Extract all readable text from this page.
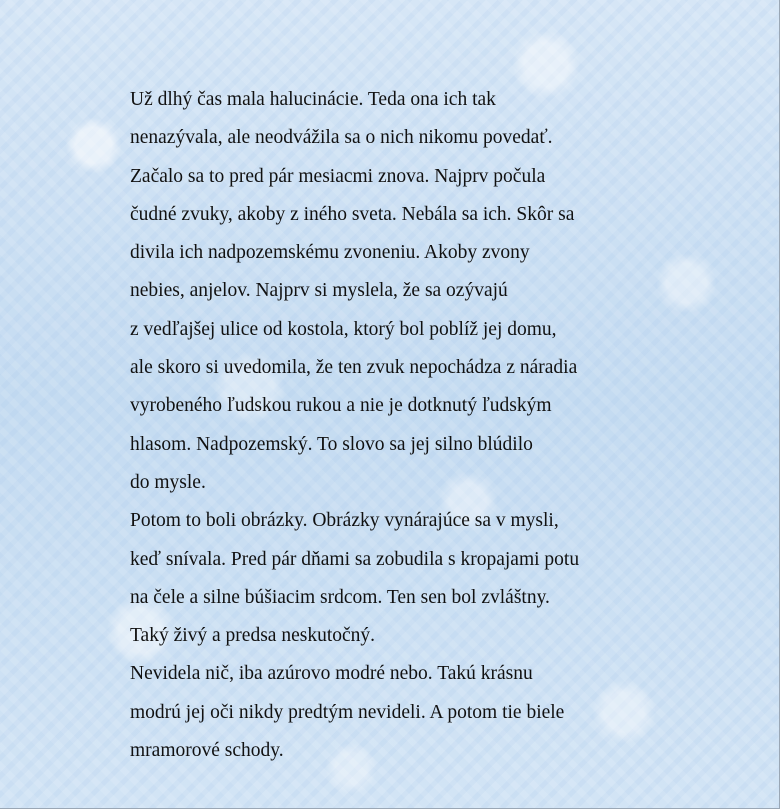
Už dlhý čas mala halucinácie. Teda ona ich tak
nenazývala, ale neodvážila sa o nich nikomu povedať.
Začalo sa to pred pár mesiacmi znova. Najprv počula
čudné zvuky, akoby z iného sveta. Nebála sa ich. Skôr sa
divila ich nadpozemskému zvoneniu. Akoby zvony
nebies, anjelov. Najprv si myslela, že sa ozývajú
z vedľajšej ulice od kostola, ktorý bol poblíž jej domu,
ale skoro si uvedomila, že ten zvuk nepochádza z náradia
vyrobeného ľudskou rukou a nie je dotknutý ľudským
hlasom. Nadpozemský. To slovo sa jej silno blúdilo
do mysle.
Potom to boli obrázky. Obrázky vynárajúce sa v mysli,
keď snívala. Pred pár dňami sa zobudila s kropajami potu
na čele a silne búšiacim srdcom. Ten sen bol zvláštny.
Taký živý a predsa neskutočný.
Nevidela nič, iba azúrovo modré nebo. Takú krásnu
modrú jej oči nikdy predtým nevideli. A potom tie biele
mramorové schody.
